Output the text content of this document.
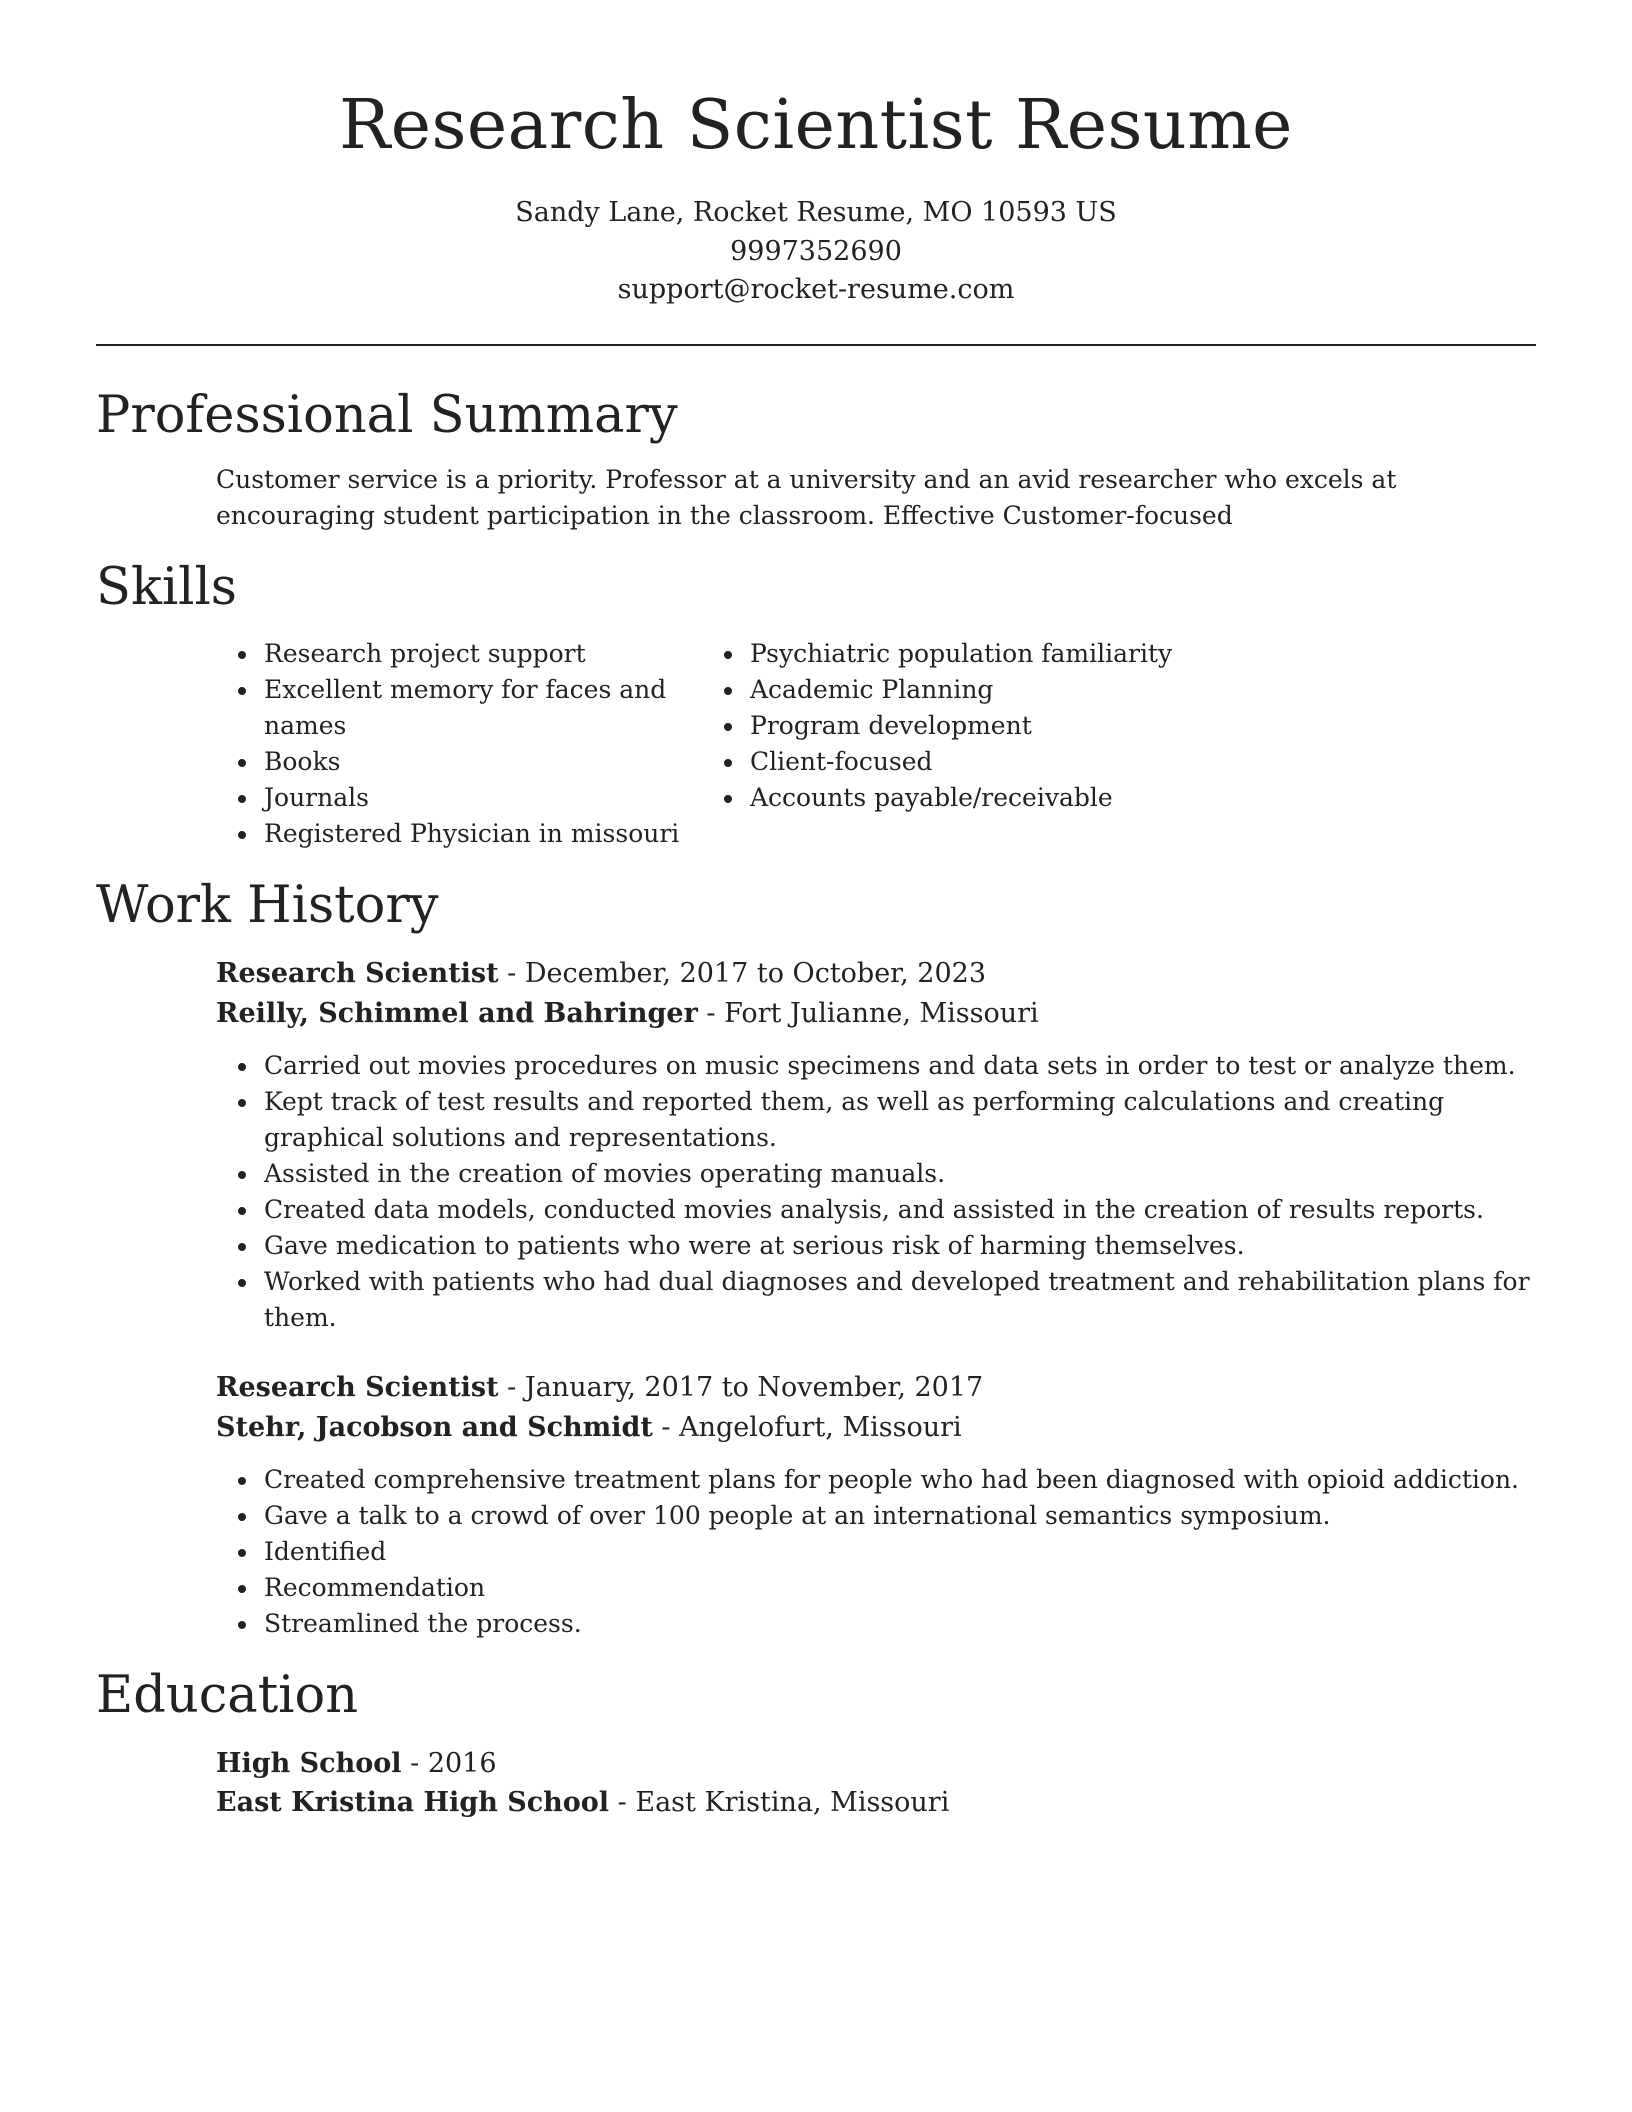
Research Scientist Resume
Sandy Lane, Rocket Resume, MO 10593 US
9997352690
support@rocket-resume.com
Professional Summary

Customer service is a priority. Professor at a university and an avid researcher who excels at encouraging student participation in the classroom. Effective Customer-focused

Skills
• Research project support
• Excellent memory for faces and names
• Books
• Journals
• Registered Physician in missouri
• Psychiatric population familiarity
• Academic Planning
• Program development
• Client-focused
• Accounts payable/receivable
Work History
Research Scientist - December, 2017 to October, 2023
Reilly, Schimmel and Bahringer - Fort Julianne, Missouri
• Carried out movies procedures on music specimens and data sets in order to test or analyze them.
• Kept track of test results and reported them, as well as performing calculations and creating graphical solutions and representations.
• Assisted in the creation of movies operating manuals.
• Created data models, conducted movies analysis, and assisted in the creation of results reports.
• Gave medication to patients who were at serious risk of harming themselves.
• Worked with patients who had dual diagnoses and developed treatment and rehabilitation plans for them.
Research Scientist - January, 2017 to November, 2017
Stehr, Jacobson and Schmidt - Angelofurt, Missouri
• Created comprehensive treatment plans for people who had been diagnosed with opioid addiction.
• Gave a talk to a crowd of over 100 people at an international semantics symposium.
• Identified
• Recommendation
• Streamlined the process.
Education
High School - 2016
East Kristina High School - East Kristina, Missouri
